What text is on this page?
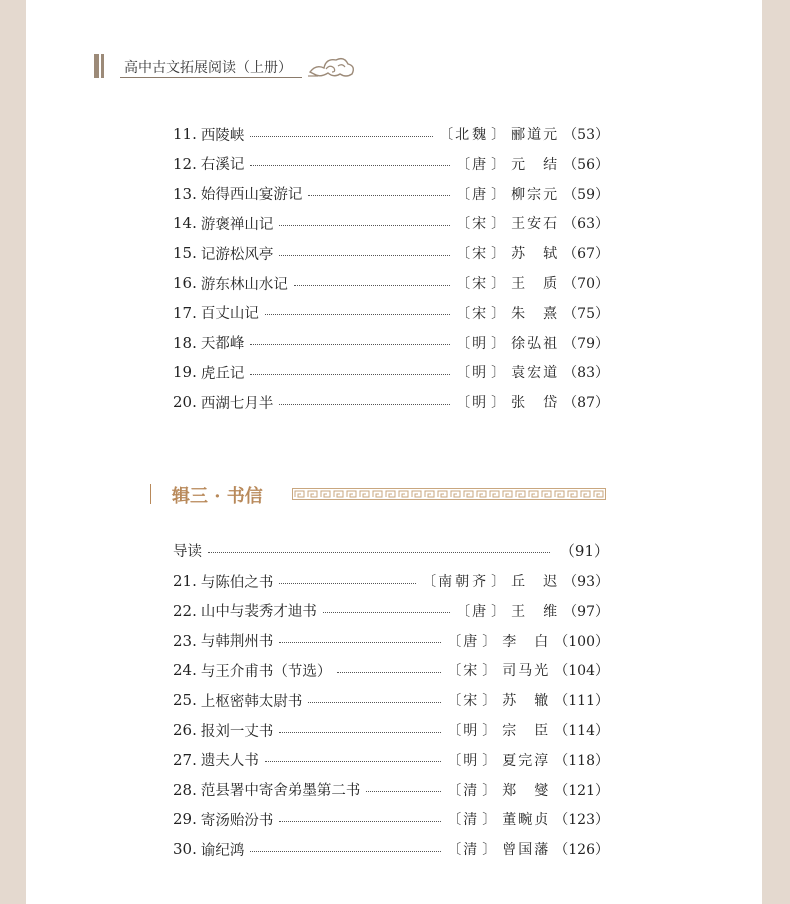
高中古文拓展阅读（上册）
11. 西陵峡	〔 北魏 〕 郦道元 （53）
12. 右溪记	〔 唐 〕 元　结 （56）
13. 始得西山宴游记	〔 唐 〕 柳宗元 （59）
14. 游褒禅山记	〔 宋 〕 王安石 （63）
15. 记游松风亭	〔 宋 〕 苏　轼 （67）
16. 游东林山水记	〔 宋 〕 王　质 （70）
17. 百丈山记	〔 宋 〕 朱　熹 （75）
18. 天都峰	〔 明 〕 徐弘祖 （79）
19. 虎丘记	〔 明 〕 袁宏道 （83）
20. 西湖七月半	〔 明 〕 张　岱 （87）
辑三 · 书信
导读	（91）
21. 与陈伯之书	〔 南朝齐 〕 丘　迟 （93）
22. 山中与裴秀才迪书	〔 唐 〕 王　维 （97）
23. 与韩荆州书	〔 唐 〕 李　白 （100）
24. 与王介甫书（节选）	〔 宋 〕 司马光 （104）
25. 上枢密韩太尉书	〔 宋 〕 苏　辙 （111）
26. 报刘一丈书	〔 明 〕 宗　臣 （114）
27. 遗夫人书	〔 明 〕 夏完淳 （118）
28. 范县署中寄舍弟墨第二书	〔 清 〕 郑　燮 （121）
29. 寄汤贻汾书	〔 清 〕 董畹贞 （123）
30. 谕纪鸿	〔 清 〕 曾国藩 （126）
